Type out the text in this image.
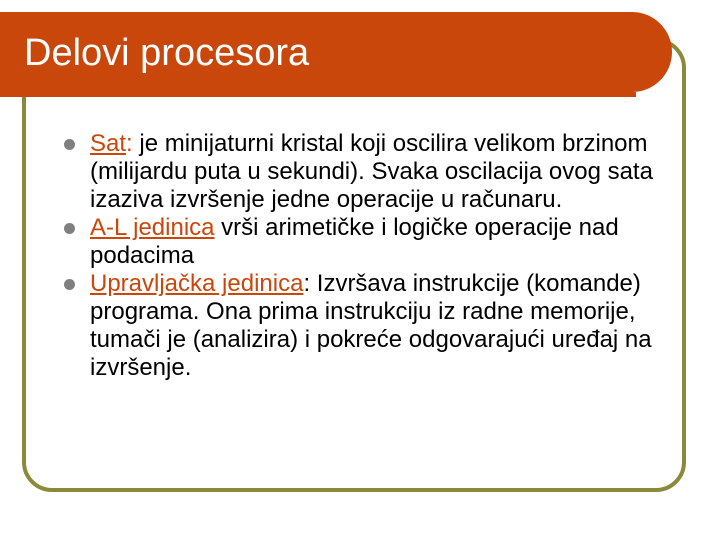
Delovi procesora
Sat: je minijaturni kristal koji oscilira velikom brzinom (milijardu puta u sekundi). Svaka oscilacija ovog sata izaziva izvršenje jedne operacije u računaru.
A-L jedinica vrši arimetičke i logičke operacije nad podacima
Upravljačka jedinica: Izvršava instrukcije (komande) programa. Ona prima instrukciju iz radne memorije, tumači je (analizira) i pokreće odgovarajući uređaj na izvršenje.
